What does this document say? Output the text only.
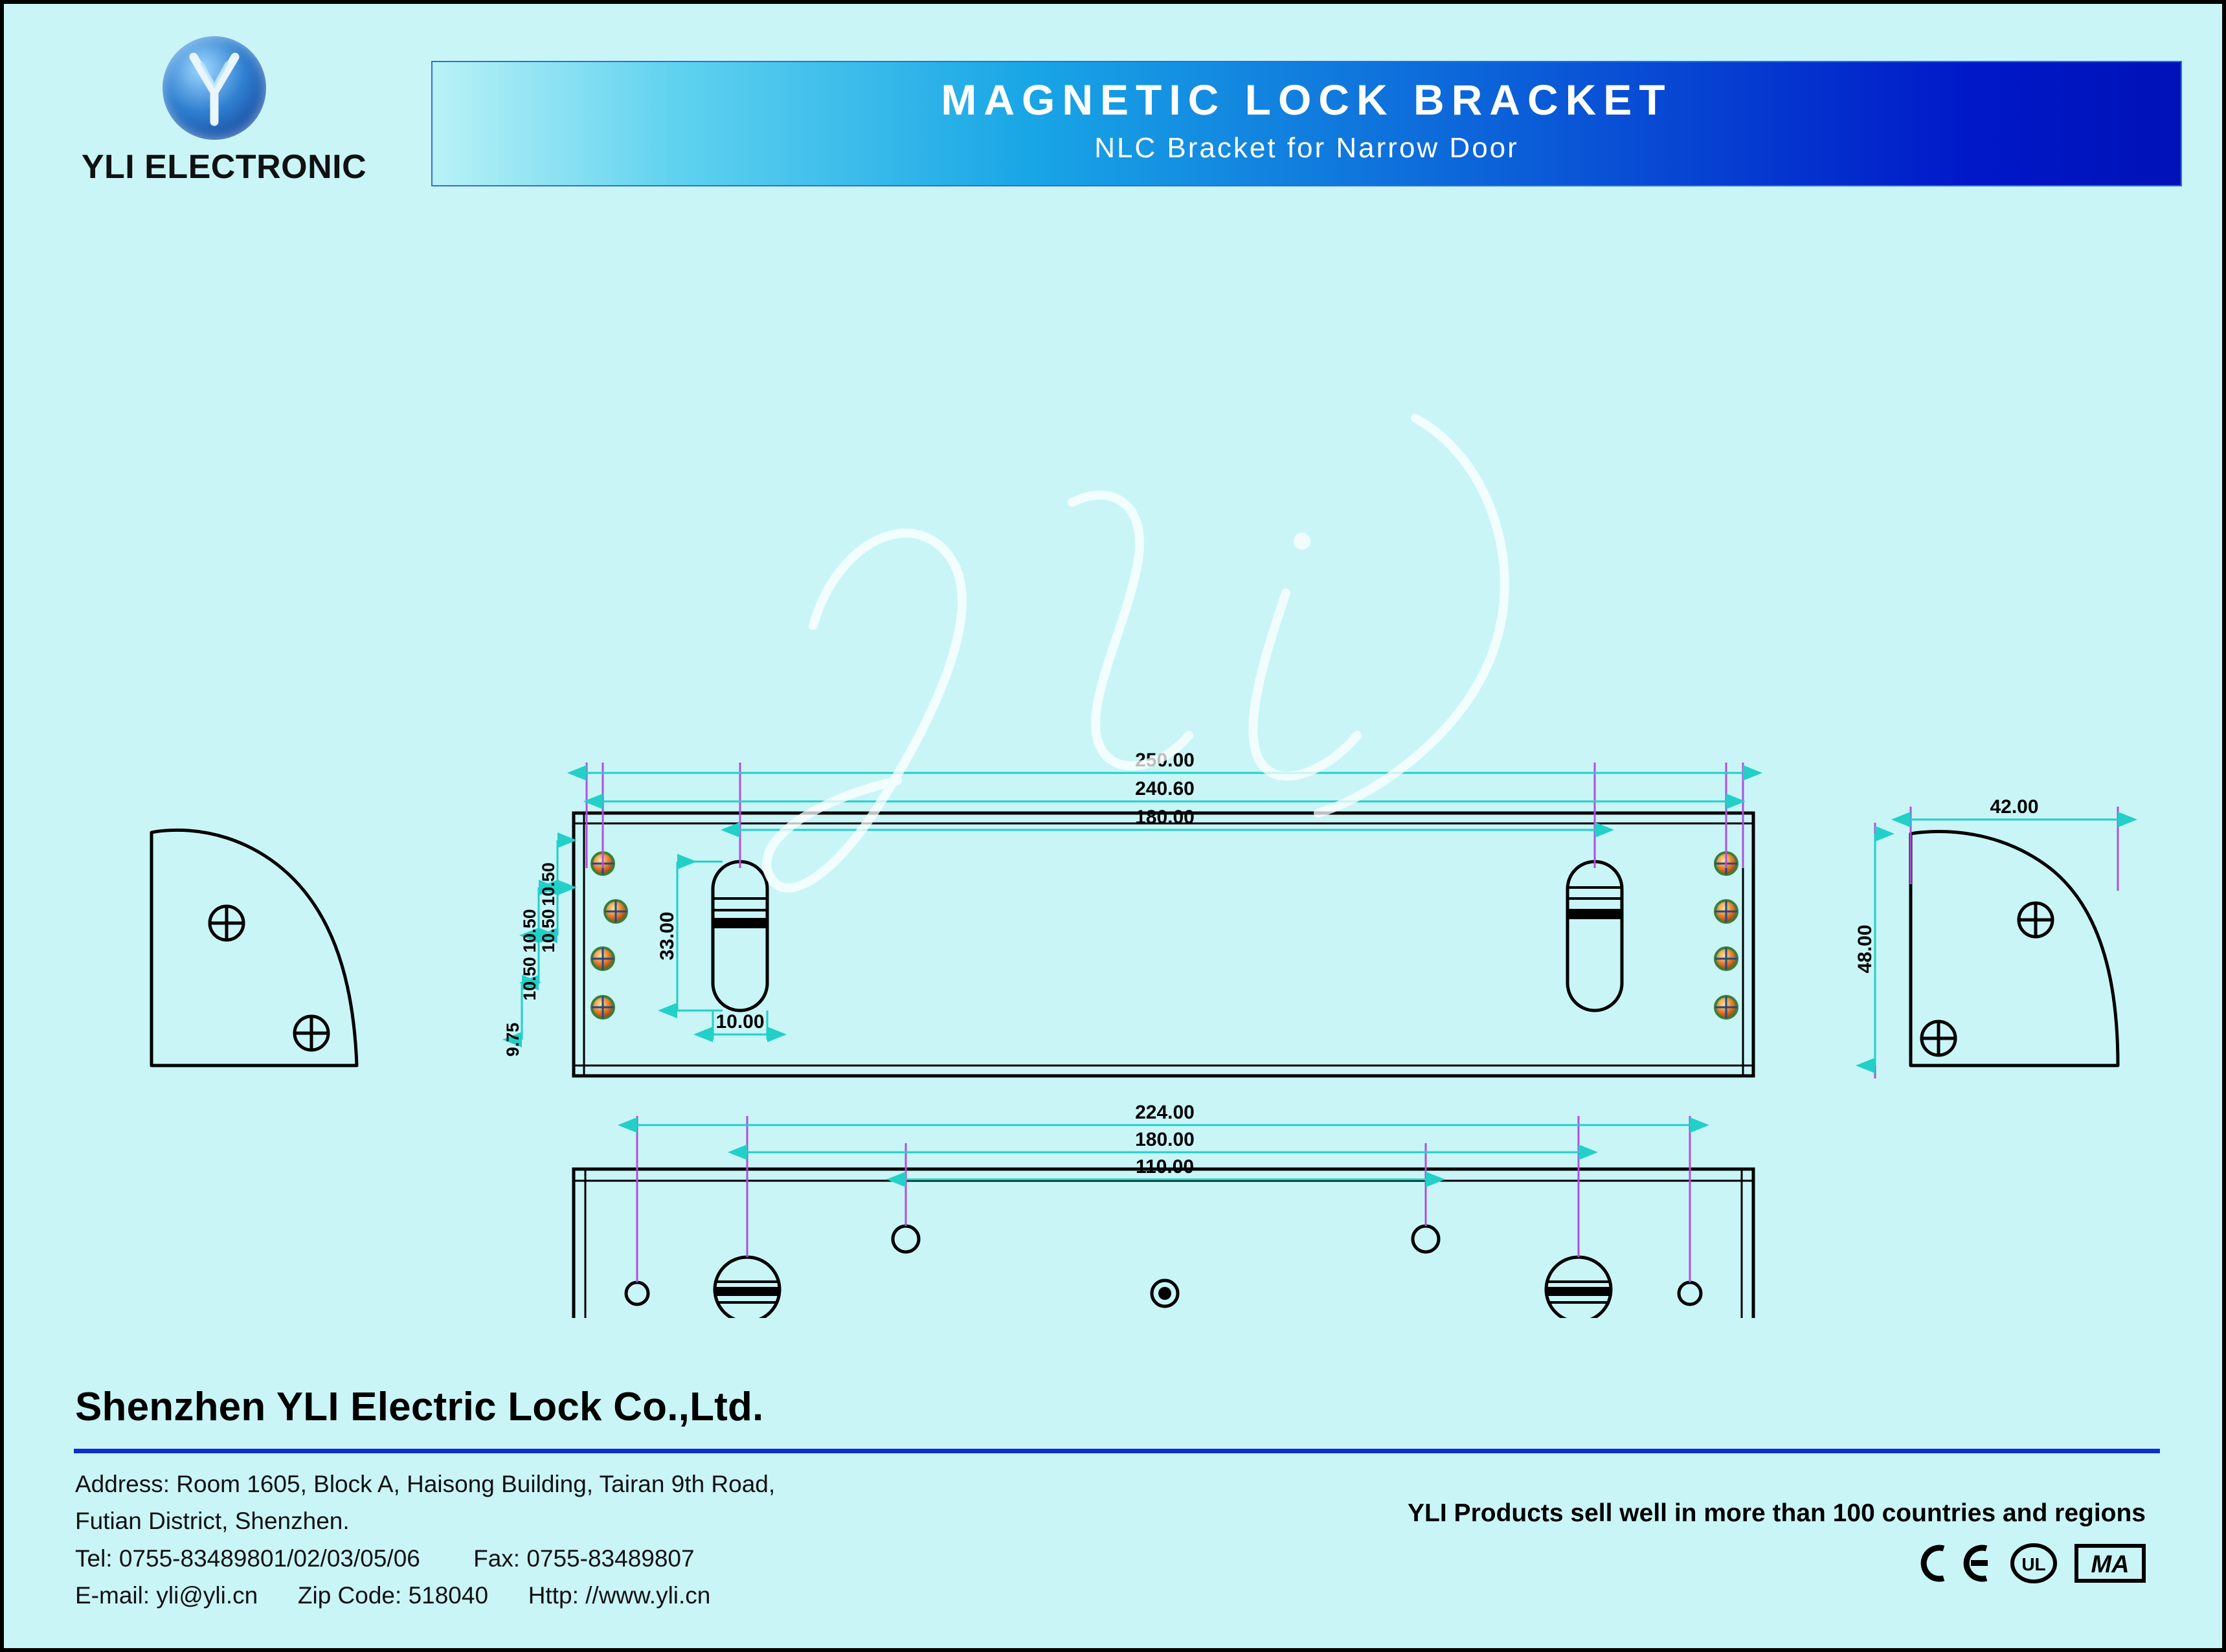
YLI ELECTRONIC
MAGNETIC LOCK BRACKET
NLC Bracket for Narrow Door
250.00
240.60
180.00
10.50
10.50
10.50
10.50
9.75
33.00
10.00
42.00
48.00
224.00
180.00
110.00
Shenzhen YLI Electric Lock Co.,Ltd.
Address: Room 1605, Block A, Haisong Building, Tairan 9th Road,
Futian District, Shenzhen.
Tel: 0755-83489801/02/03/05/06        Fax: 0755-83489807
E-mail: yli@yli.cn      Zip Code: 518040      Http: //www.yli.cn
YLI Products sell well in more than 100 countries and regions
UL MA
